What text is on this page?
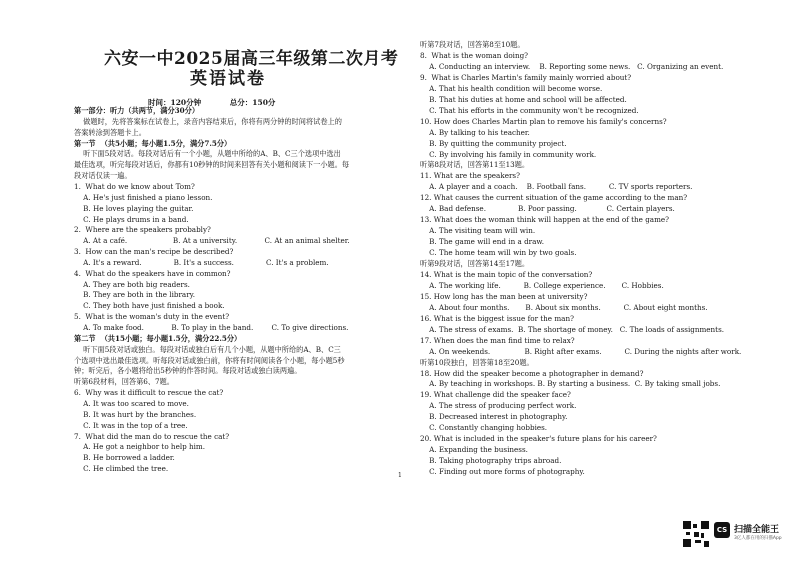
六安一中2025届高三年级第二次月考
英语试卷
时间：120分钟	总分：150分
第一部分：听力（共两节，满分30分）
做题时，先将答案标在试卷上，录音内容结束后，你将有两分钟的时间将试卷上的
答案转涂到答题卡上。
第一节  （共5小题；每小题1.5分，满分7.5分）
听下面5段对话。每段对话后有一个小题，从题中所给的A、B、C三个选项中选出
最佳选项，听完每段对话后，你都有10秒钟的时间来回答有关小题和阅读下一小题。每
段对话仅读一遍。
1.  What do we know about Tom?
A. He's just finished a piano lesson.
B. He loves playing the guitar.
C. He plays drums in a band.
2.  Where are the speakers probably?
A. At a café.                    B. At a university.            C. At an animal shelter.
3.  How can the man's recipe be described?
A. It's a reward.              B. It's a success.              C. It's a problem.
4.  What do the speakers have in common?
A. They are both big readers.
B. They are both in the library.
C. They both have just finished a book.
5.  What is the woman's duty in the event?
A. To make food.            B. To play in the band.        C. To give directions.
第二节  （共15小题；每小题1.5分，满分22.5分）
听下面5段对话或独白。每段对话或独白后有几个小题，从题中所给的A、B、C三
个选项中选出最佳选项。听每段对话或独白前，你将有时间阅读各个小题，每小题5秒
钟；听完后，各小题将给出5秒钟的作答时间。每段对话或独白读两遍。
听第6段材料，回答第6、7题。
6.  Why was it difficult to rescue the cat?
A. It was too scared to move.
B. It was hurt by the branches.
C. It was in the top of a tree.
7.  What did the man do to rescue the cat?
A. He got a neighbor to help him.
B. He borrowed a ladder.
C. He climbed the tree.
听第7段对话，回答第8至10题。
8.  What is the woman doing?
A. Conducting an interview.    B. Reporting some news.   C. Organizing an event.
9.  What is Charles Martin's family mainly worried about?
A. That his health condition will become worse.
B. That his duties at home and school will be affected.
C. That his efforts in the community won't be recognized.
10. How does Charles Martin plan to remove his family's concerns?
A. By talking to his teacher.
B. By quitting the community project.
C. By involving his family in community work.
听第8段对话，回答第11至13题。
11. What are the speakers?
A. A player and a coach.    B. Football fans.          C. TV sports reporters.
12. What causes the current situation of the game according to the man?
A. Bad defense.              B. Poor passing.             C. Certain players.
13. What does the woman think will happen at the end of the game?
A. The visiting team will win.
B. The game will end in a draw.
C. The home team will win by two goals.
听第9段对话，回答第14至17题。
14. What is the main topic of the conversation?
A. The working life.          B. College experience.       C. Hobbies.
15. How long has the man been at university?
A. About four months.       B. About six months.          C. About eight months.
16. What is the biggest issue for the man?
A. The stress of exams.  B. The shortage of money.   C. The loads of assignments.
17. When does the man find time to relax?
A. On weekends.               B. Right after exams.          C. During the nights after work.
听第10段独白，回答第18至20题。
18. How did the speaker become a photographer in demand?
A. By teaching in workshops. B. By starting a business.  C. By taking small jobs.
19. What challenge did the speaker face?
A. The stress of producing perfect work.
B. Decreased interest in photography.
C. Constantly changing hobbies.
20. What is included in the speaker's future plans for his career?
A. Expanding the business.
B. Taking photography trips abroad.
C. Finding out more forms of photography.
1
CS 扫描全能王
3亿人都在用的扫描App
